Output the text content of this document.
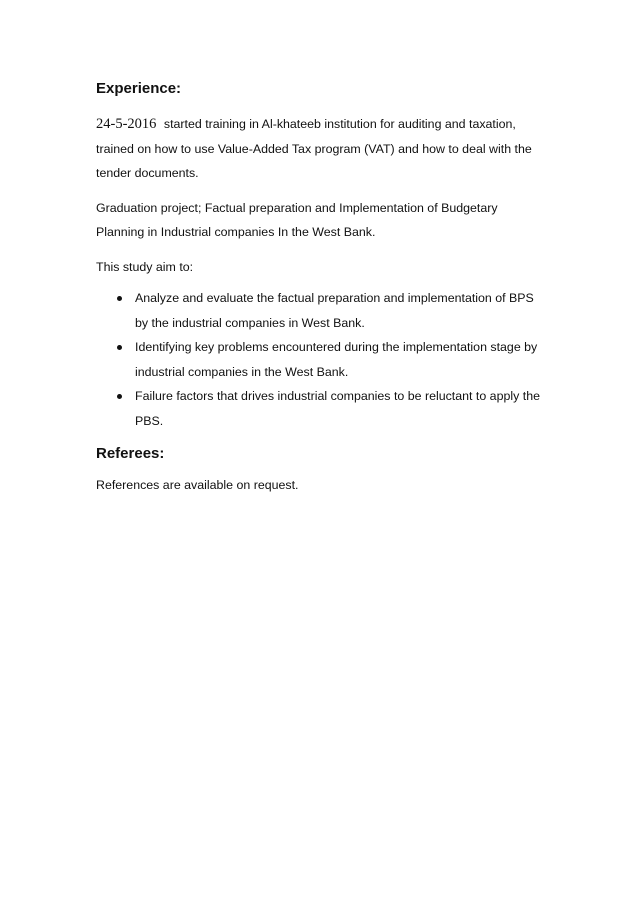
Experience:

24-5-2016 started training in Al-khateeb institution for auditing and taxation, trained on how to use Value-Added Tax program (VAT) and how to deal with the tender documents.

Graduation project; Factual preparation and Implementation of Budgetary Planning in Industrial companies In the West Bank.

This study aim to:

Analyze and evaluate the factual preparation and implementation of BPS by the industrial companies in West Bank.
Identifying key problems encountered during the implementation stage by industrial companies in the West Bank.
Failure factors that drives industrial companies to be reluctant to apply the PBS.
Referees:

References are available on request.
